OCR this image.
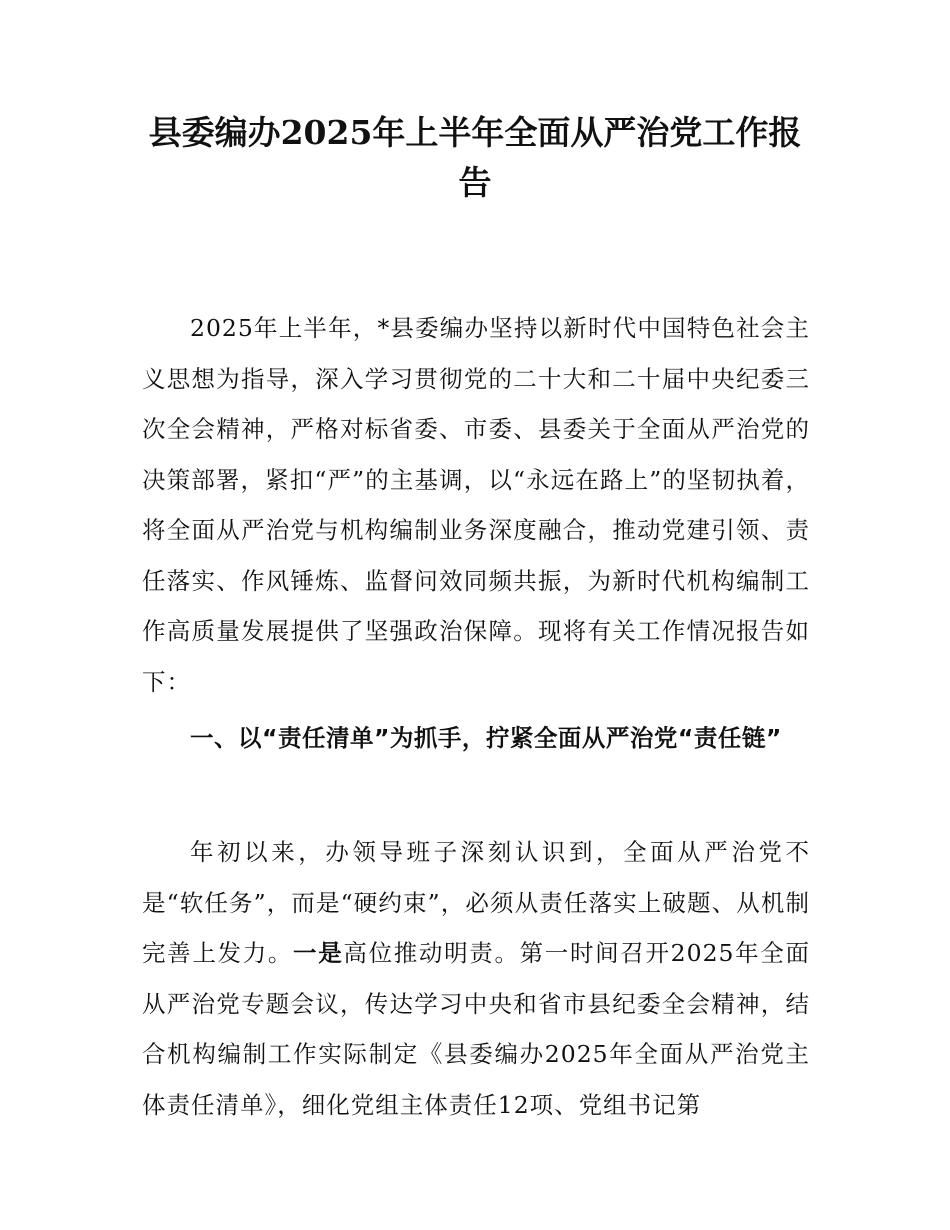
县委编办2025年上半年全面从严治党工作报告

2025年上半年，*县委编办坚持以新时代中国特色社会主义思想为指导，深入学习贯彻党的二十大和二十届中央纪委三次全会精神，严格对标省委、市委、县委关于全面从严治党的决策部署，紧扣“严”的主基调，以“永远在路上”的坚韧执着，将全面从严治党与机构编制业务深度融合，推动党建引领、责任落实、作风锤炼、监督问效同频共振，为新时代机构编制工作高质量发展提供了坚强政治保障。现将有关工作情况报告如下：

一、以“责任清单”为抓手，拧紧全面从严治党“责任链”

年初以来，办领导班子深刻认识到，全面从严治党不是“软任务”，而是“硬约束”，必须从责任落实上破题、从机制完善上发力。一是高位推动明责。第一时间召开2025年全面从严治党专题会议，传达学习中央和省市县纪委全会精神，结合机构编制工作实际制定《县委编办2025年全面从严治党主体责任清单》，细化党组主体责任12项、党组书记第
